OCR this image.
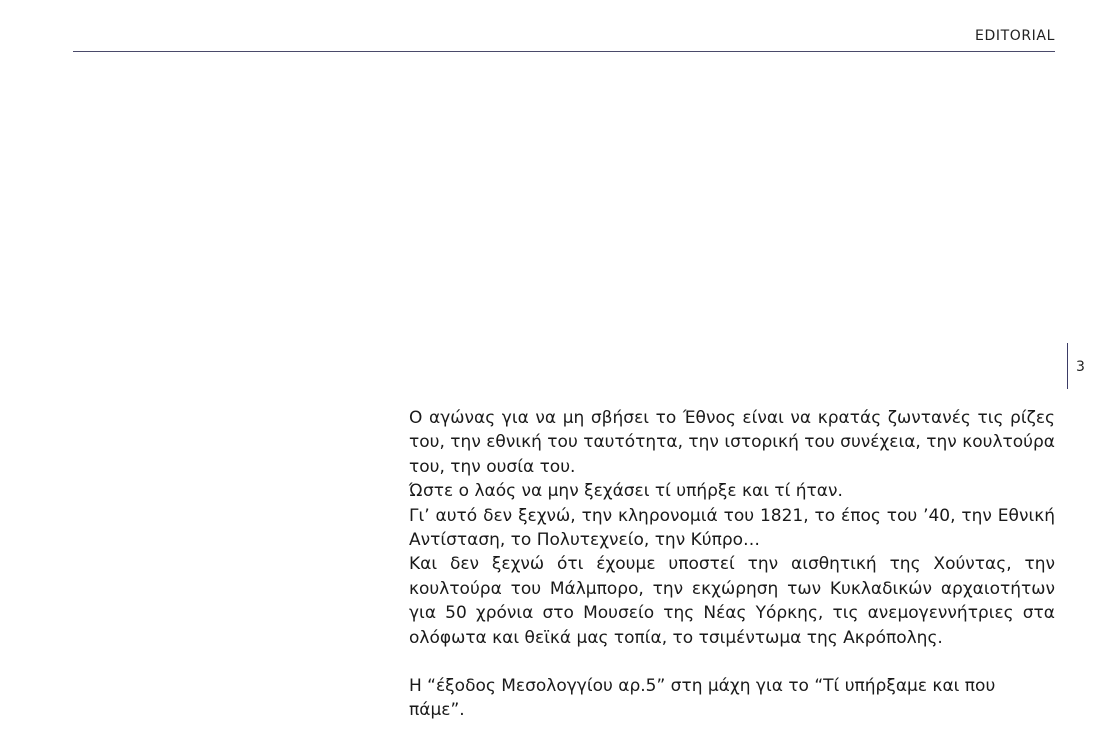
EDITORIAL
3

Ο αγώνας για να μη σβήσει το Έθνος είναι να κρατάς ζωντανές τις ρίζες του, την εθνική του ταυτότητα, την ιστορική του συνέχεια, την κουλτούρα του, την ουσία του.

Ώστε ο λαός να μην ξεχάσει τί υπήρξε και τί ήταν.

Γι’ αυτό δεν ξεχνώ, την κληρονομιά του 1821, το έπος του ’40, την Εθνική Αντίσταση, το Πολυτεχνείο, την Κύπρο…

Και δεν ξεχνώ ότι έχουμε υποστεί την αισθητική της Χούντας, την κουλτούρα του Μάλμπορο, την εκχώρηση των Κυκλαδικών αρχαιοτήτων για 50 χρόνια στο Μουσείο της Νέας Υόρκης, τις ανεμογεννήτριες στα ολόφωτα και θεϊκά μας τοπία, το τσιμέντωμα της Ακρόπολης.

Η “έξοδος Μεσολογγίου αρ.5” στη μάχη για το “Τί υπήρξαμε και που πάμε”.
